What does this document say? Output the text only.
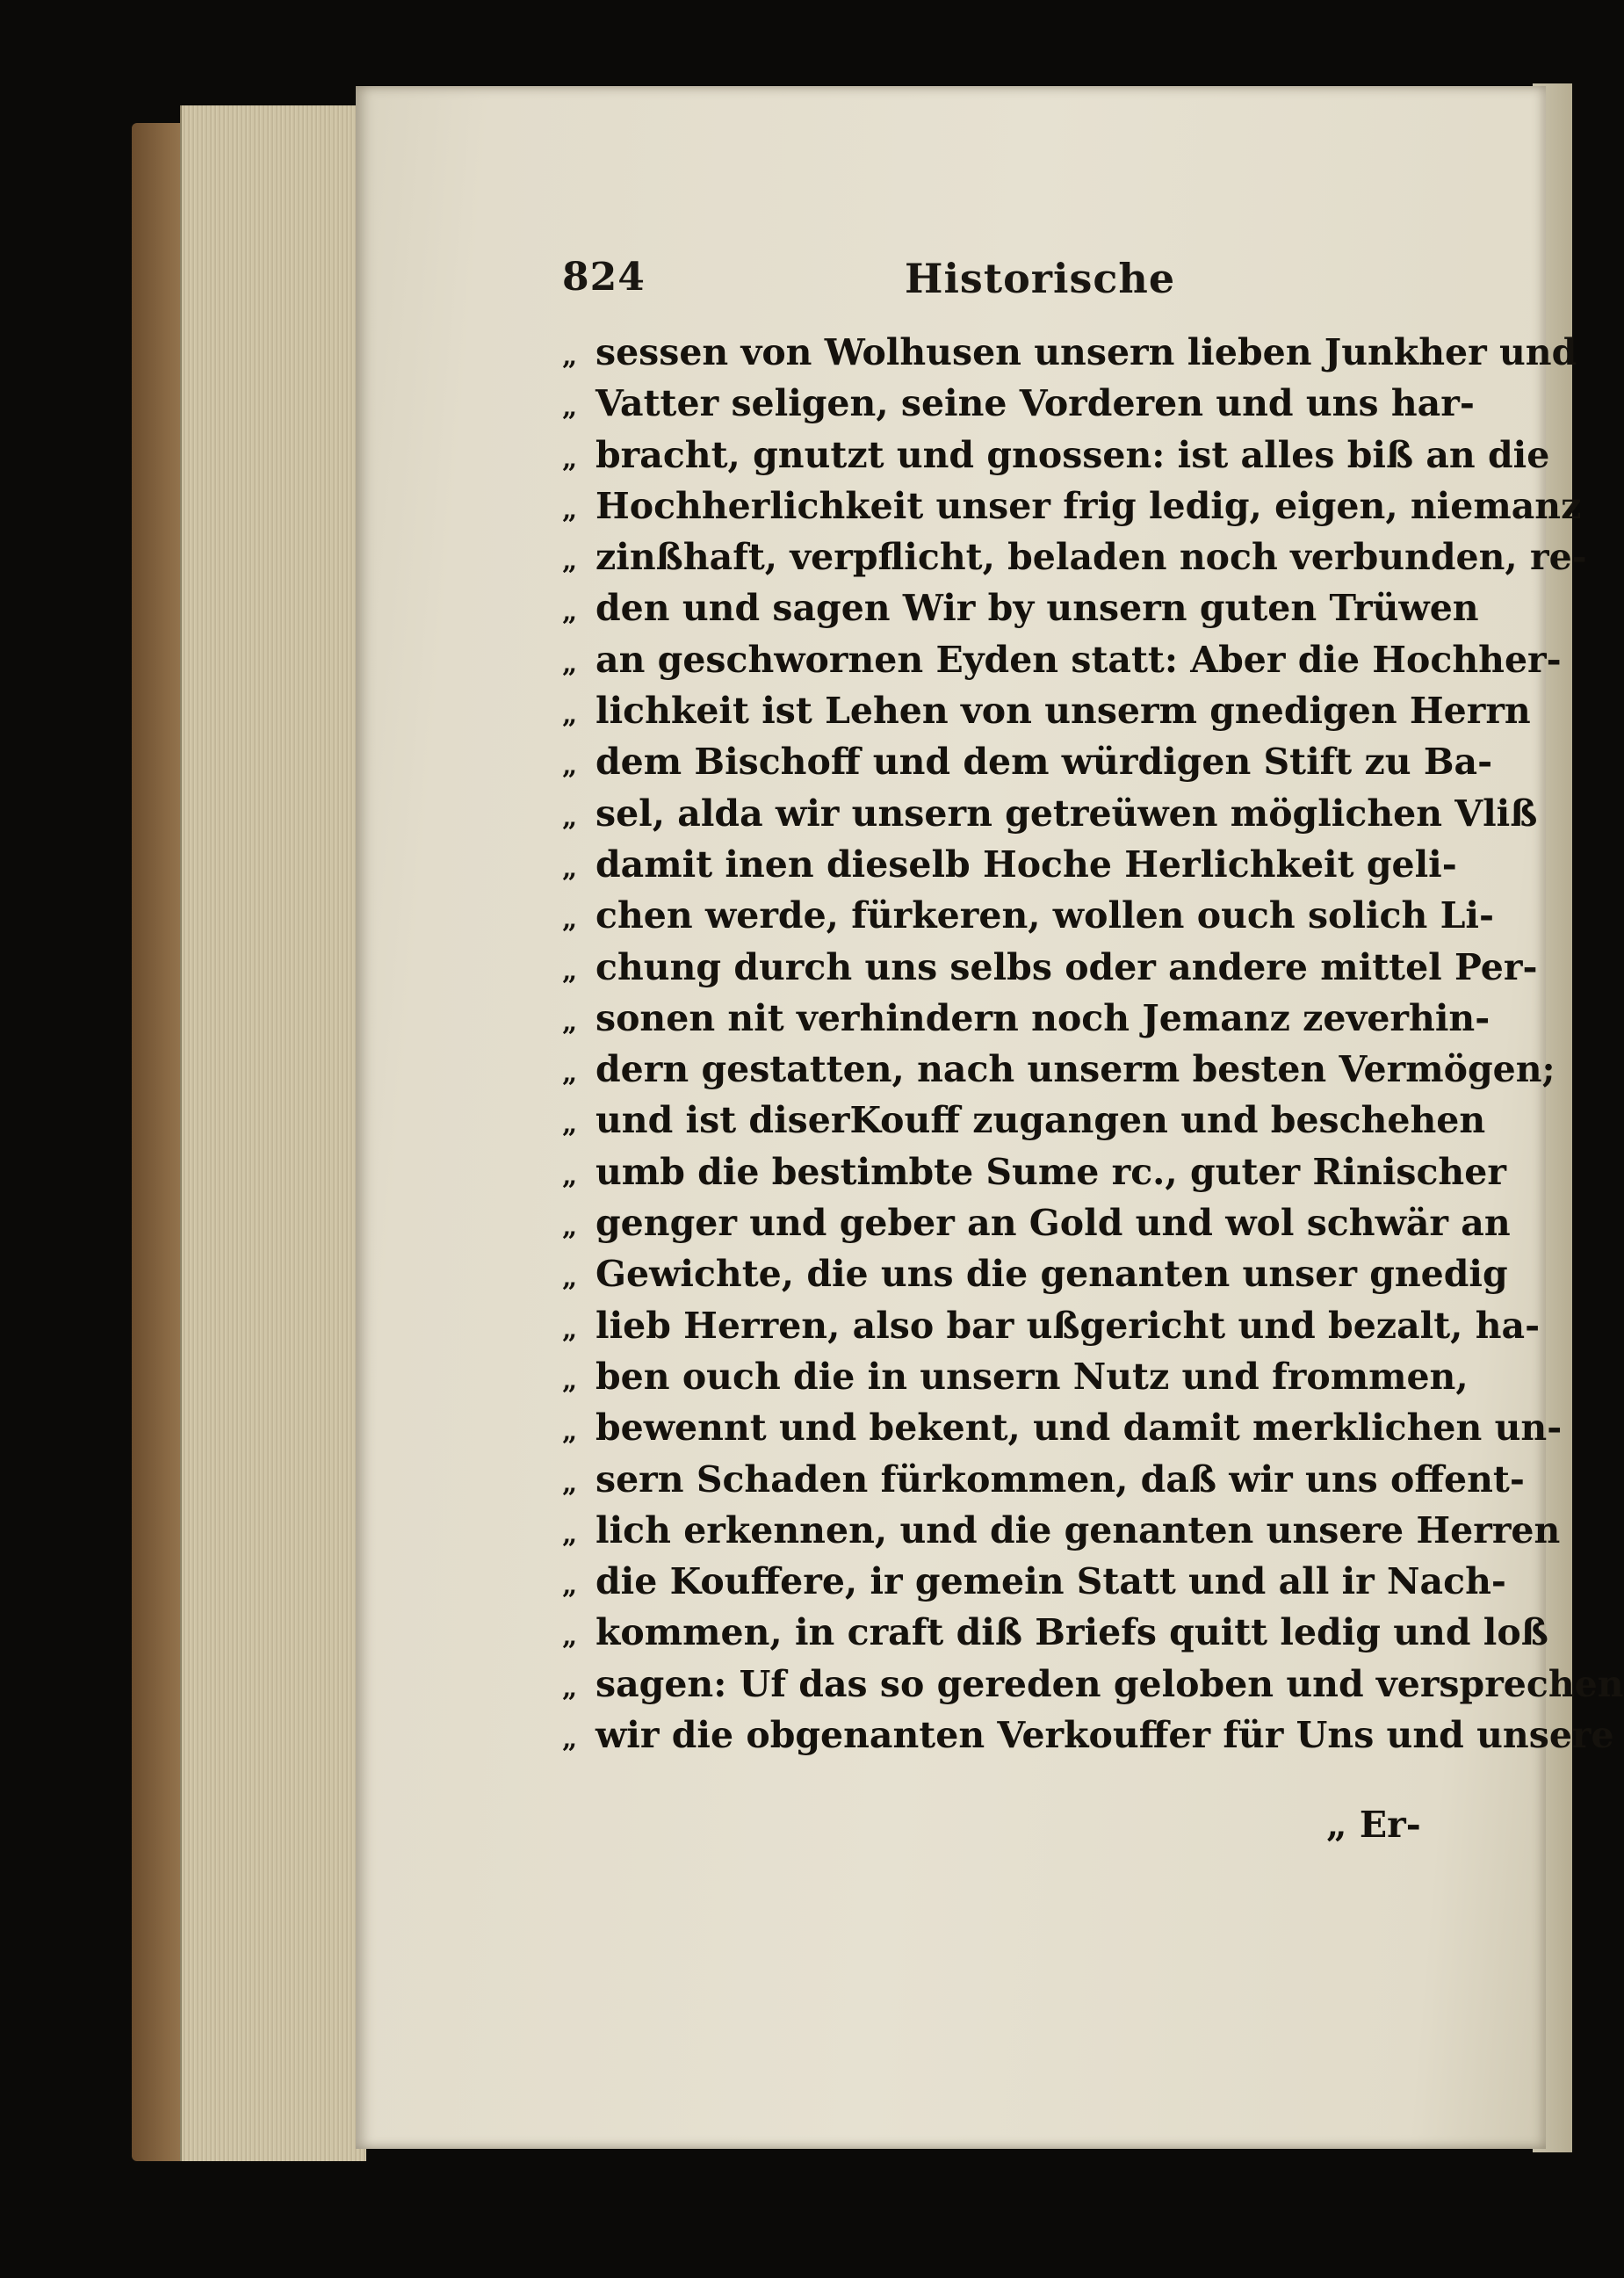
824	Historische
„ sessen von Wolhusen unsern lieben Junkher und
„ Vatter seligen, seine Vorderen und uns har-
„ bracht, gnutzt und gnossen: ist alles biß an die
„ Hochherlichkeit unser frig ledig, eigen, niemanz
„ zinßhaft, verpflicht, beladen noch verbunden, re-
„ den und sagen Wir by unsern guten Trüwen
„ an geschwornen Eyden statt: Aber die Hochher-
„ lichkeit ist Lehen von unserm gnedigen Herrn
„ dem Bischoff und dem würdigen Stift zu Ba-
„ sel, alda wir unsern getreüwen möglichen Vliß
„ damit inen dieselb Hoche Herlichkeit geli-
„ chen werde, fürkeren, wollen ouch solich Li-
„ chung durch uns selbs oder andere mittel Per-
„ sonen nit verhindern noch Jemanz zeverhin-
„ dern gestatten, nach unserm besten Vermögen;
„ und ist diserKouff zugangen und beschehen
„ umb die bestimbte Sume rc., guter Rinischer
„ genger und geber an Gold und wol schwär an
„ Gewichte, die uns die genanten unser gnedig
„ lieb Herren, also bar ußgericht und bezalt, ha-
„ ben ouch die in unsern Nutz und frommen,
„ bewennt und bekent, und damit merklichen un-
„ sern Schaden fürkommen, daß wir uns offent-
„ lich erkennen, und die genanten unsere Herren
„ die Kouffere, ir gemein Statt und all ir Nach-
„ kommen, in craft diß Briefs quitt ledig und loß
„ sagen: Uf das so gereden geloben und versprechen
„ wir die obgenanten Verkouffer für Uns und unsere
„ Er-
